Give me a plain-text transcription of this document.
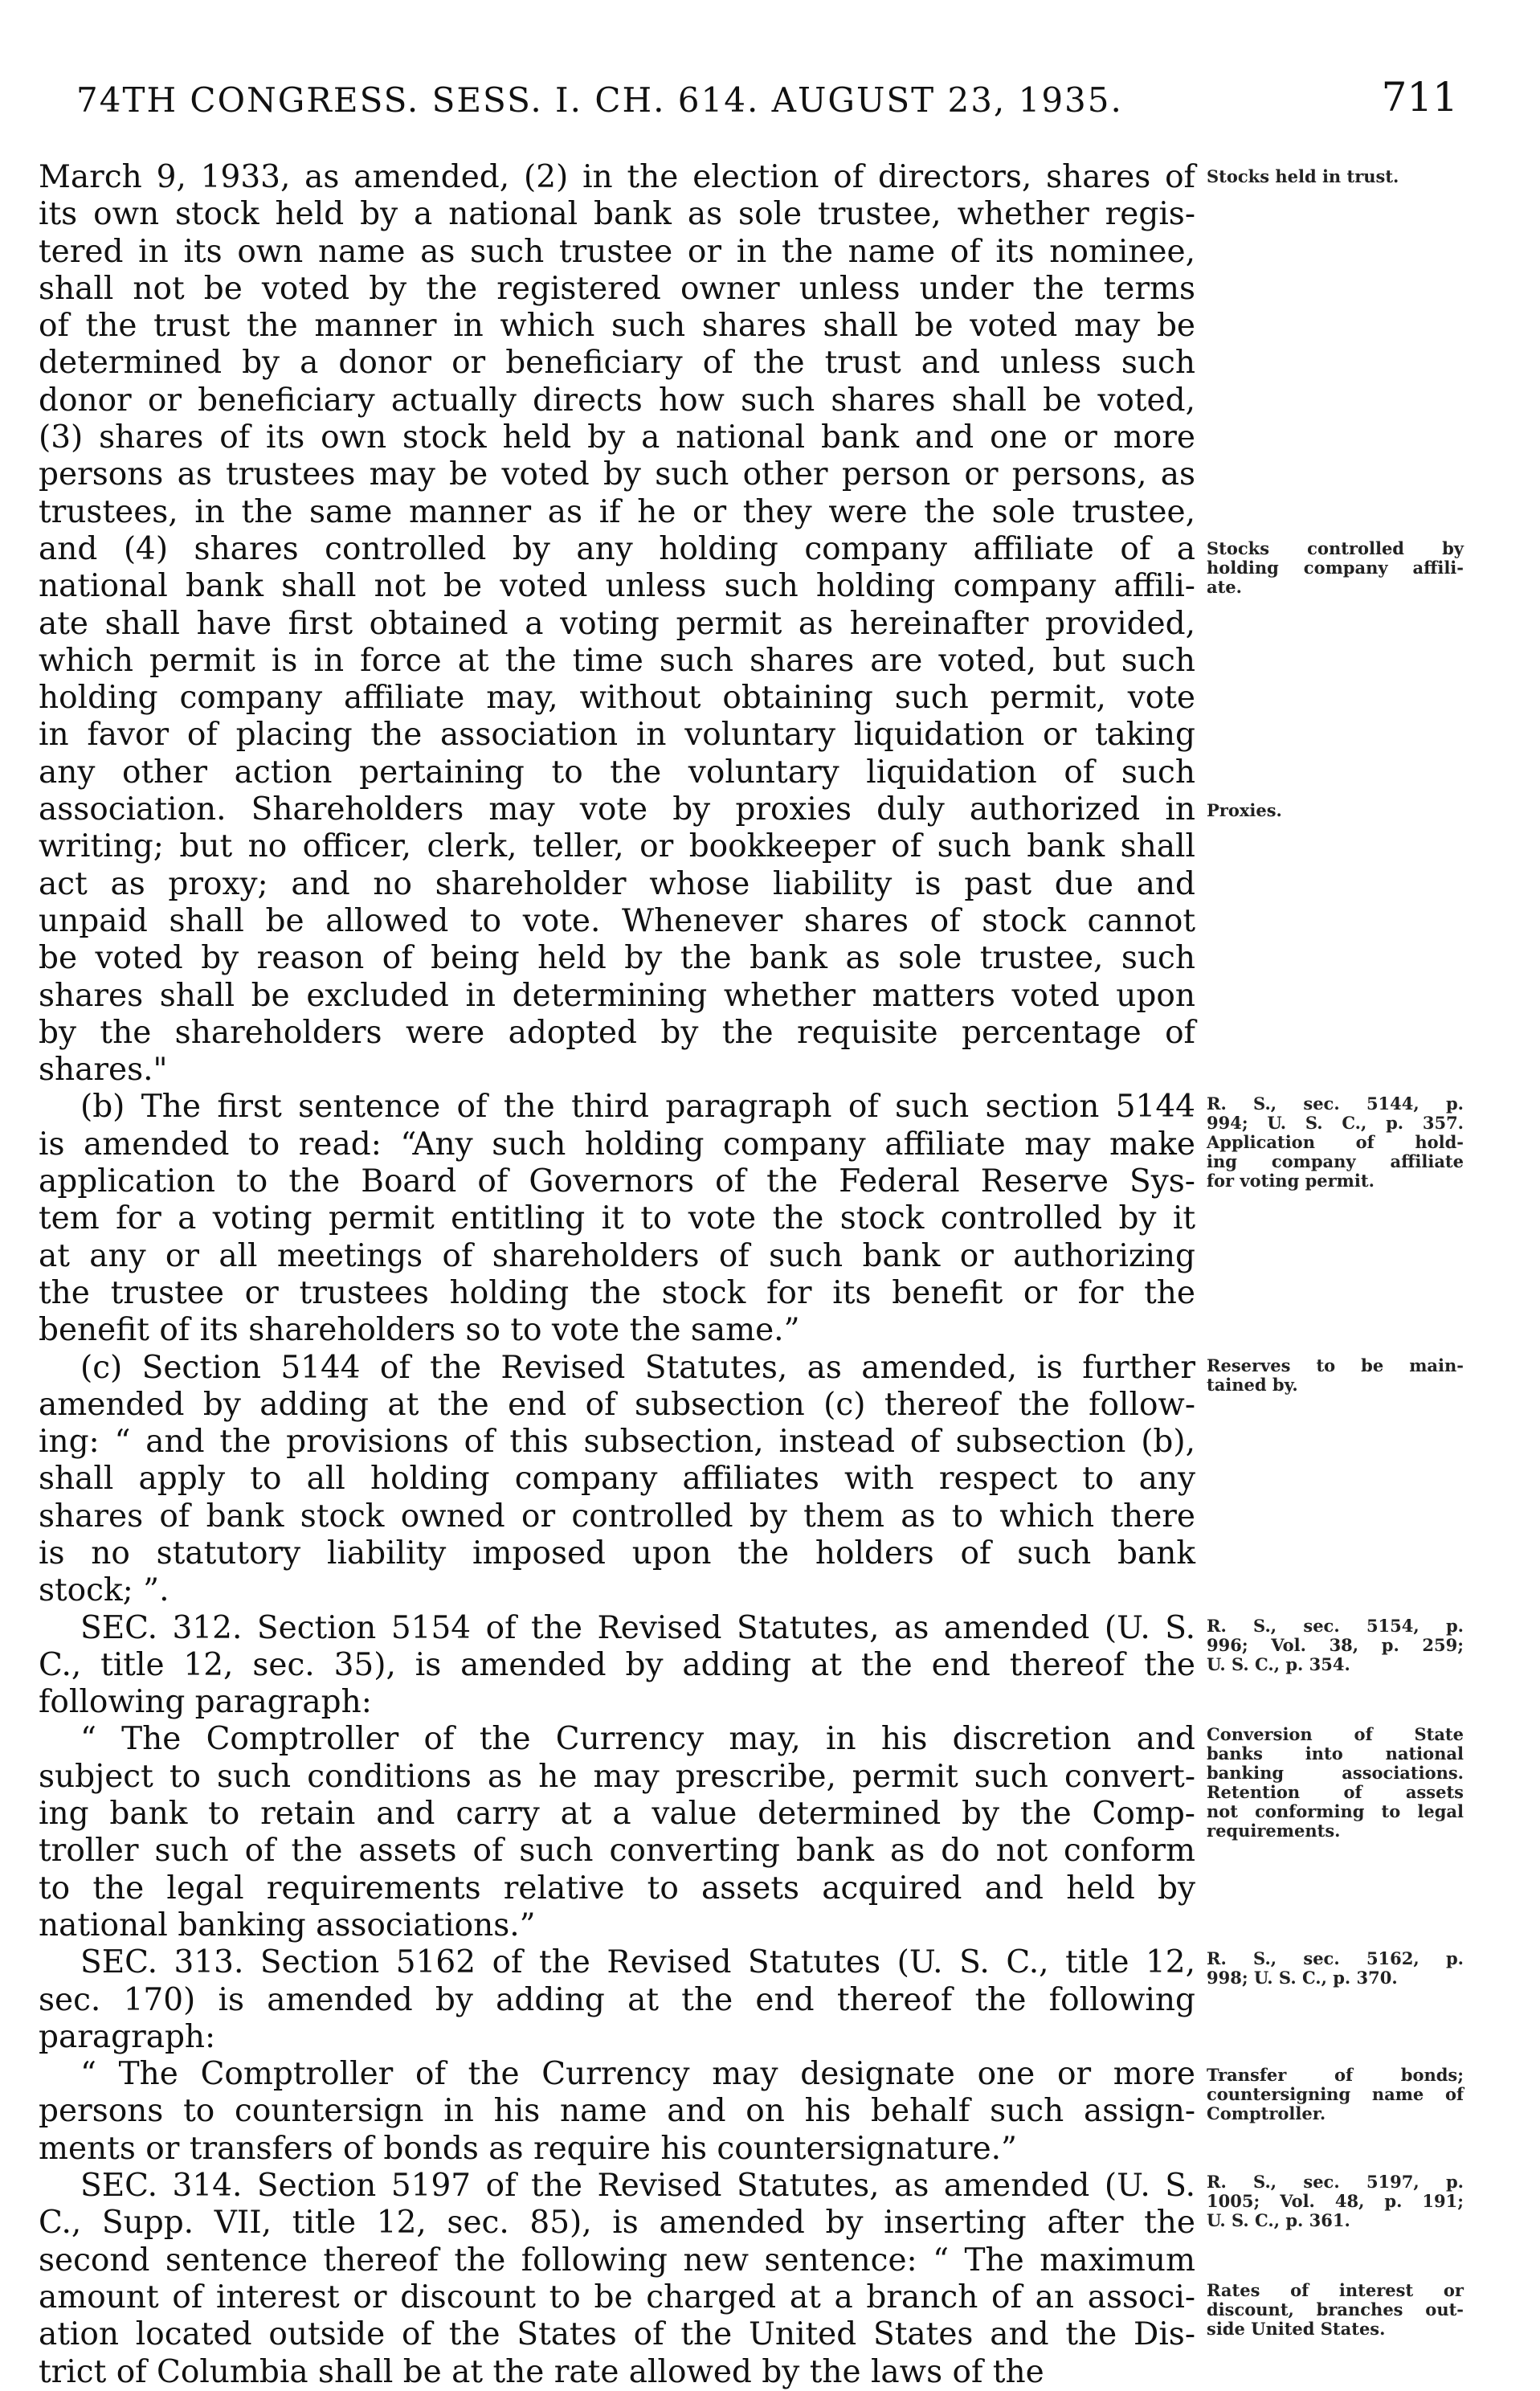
74TH CONGRESS. SESS. I. CH. 614. AUGUST 23, 1935.	711
March 9, 1933, as amended, (2) in the election of directors, shares of
its own stock held by a national bank as sole trustee, whether regis-
tered in its own name as such trustee or in the name of its nominee,
shall not be voted by the registered owner unless under the terms
of the trust the manner in which such shares shall be voted may be
determined by a donor or beneficiary of the trust and unless such
donor or beneficiary actually directs how such shares shall be voted,
(3) shares of its own stock held by a national bank and one or more
persons as trustees may be voted by such other person or persons, as
trustees, in the same manner as if he or they were the sole trustee,
and (4) shares controlled by any holding company affiliate of a
national bank shall not be voted unless such holding company affili-
ate shall have first obtained a voting permit as hereinafter provided,
which permit is in force at the time such shares are voted, but such
holding company affiliate may, without obtaining such permit, vote
in favor of placing the association in voluntary liquidation or taking
any other action pertaining to the voluntary liquidation of such
association. Shareholders may vote by proxies duly authorized in
writing; but no officer, clerk, teller, or bookkeeper of such bank shall
act as proxy; and no shareholder whose liability is past due and
unpaid shall be allowed to vote. Whenever shares of stock cannot
be voted by reason of being held by the bank as sole trustee, such
shares shall be excluded in determining whether matters voted upon
by the shareholders were adopted by the requisite percentage of
shares."
(b) The first sentence of the third paragraph of such section 5144
is amended to read: “Any such holding company affiliate may make
application to the Board of Governors of the Federal Reserve Sys-
tem for a voting permit entitling it to vote the stock controlled by it
at any or all meetings of shareholders of such bank or authorizing
the trustee or trustees holding the stock for its benefit or for the
benefit of its shareholders so to vote the same.”
(c) Section 5144 of the Revised Statutes, as amended, is further
amended by adding at the end of subsection (c) thereof the follow-
ing: “ and the provisions of this subsection, instead of subsection (b),
shall apply to all holding company affiliates with respect to any
shares of bank stock owned or controlled by them as to which there
is no statutory liability imposed upon the holders of such bank
stock; ”.
SEC. 312. Section 5154 of the Revised Statutes, as amended (U. S.
C., title 12, sec. 35), is amended by adding at the end thereof the
following paragraph:
“ The Comptroller of the Currency may, in his discretion and
subject to such conditions as he may prescribe, permit such convert-
ing bank to retain and carry at a value determined by the Comp-
troller such of the assets of such converting bank as do not conform
to the legal requirements relative to assets acquired and held by
national banking associations.”
SEC. 313. Section 5162 of the Revised Statutes (U. S. C., title 12,
sec. 170) is amended by adding at the end thereof the following
paragraph:
“ The Comptroller of the Currency may designate one or more
persons to countersign in his name and on his behalf such assign-
ments or transfers of bonds as require his countersignature.”
SEC. 314. Section 5197 of the Revised Statutes, as amended (U. S.
C., Supp. VII, title 12, sec. 85), is amended by inserting after the
second sentence thereof the following new sentence: “ The maximum
amount of interest or discount to be charged at a branch of an associ-
ation located outside of the States of the United States and the Dis-
trict of Columbia shall be at the rate allowed by the laws of the
Stocks held in trust.
Stocks controlled by
holding company affili-
ate.
Proxies.
R. S., sec. 5144, p.
994; U. S. C., p. 357.
Application of hold-
ing company affiliate
for voting permit.
Reserves to be main-
tained by.
R. S., sec. 5154, p.
996; Vol. 38, p. 259;
U. S. C., p. 354.
Conversion of State
banks into national
banking associations.
Retention of assets
not conforming to legal
requirements.
R. S., sec. 5162, p.
998; U. S. C., p. 370.
Transfer of bonds;
countersigning name of
Comptroller.
R. S., sec. 5197, p.
1005; Vol. 48, p. 191;
U. S. C., p. 361.
Rates of interest or
discount, branches out-
side United States.
